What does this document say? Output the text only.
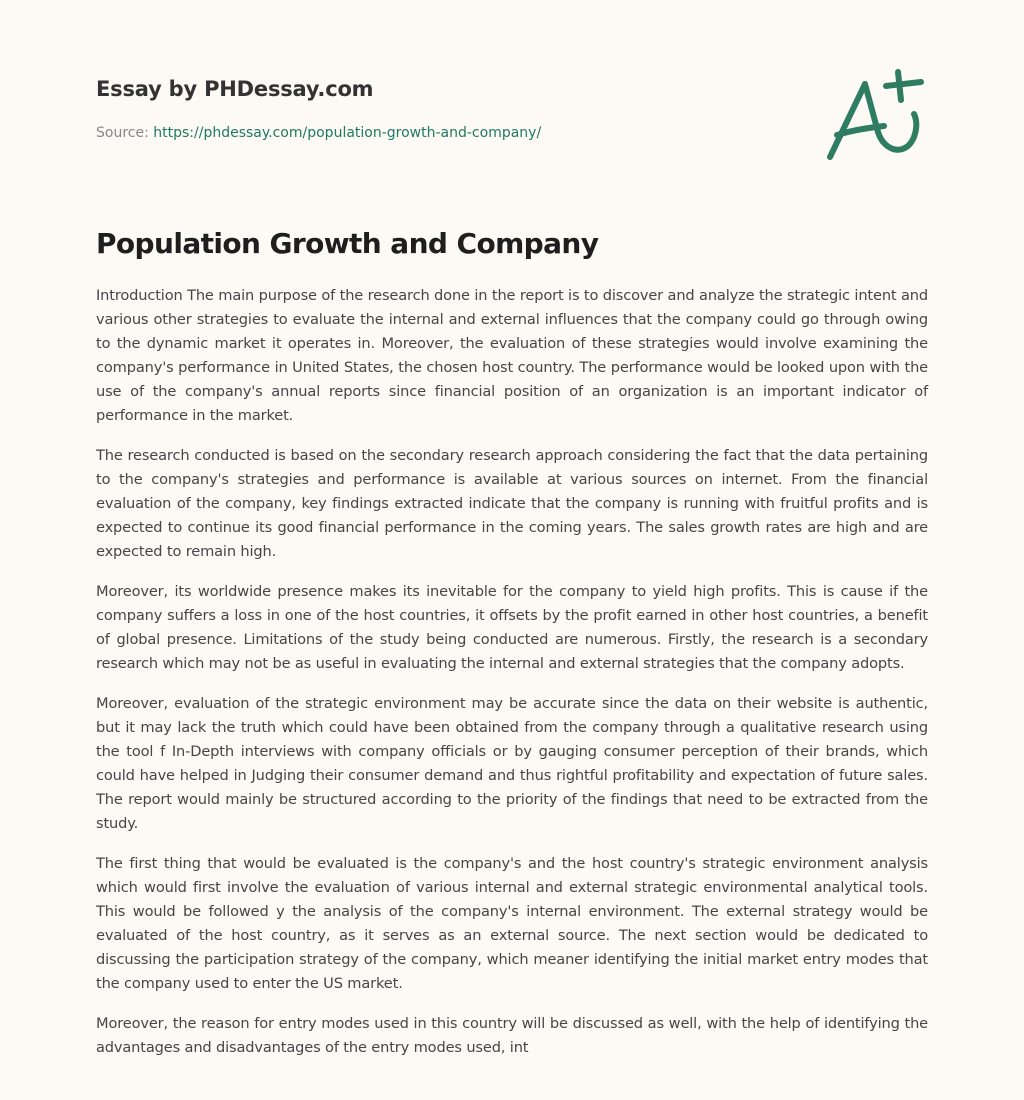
Essay by PHDessay.com
Source: https://phdessay.com/population-growth-and-company/
Population Growth and Company

Introduction The main purpose of the research done in the report is to discover and analyze the strategic intent and various other strategies to evaluate the internal and external influences that the company could go through owing to the dynamic market it operates in. Moreover, the evaluation of these strategies would involve examining the company's performance in United States, the chosen host country. The performance would be looked upon with the use of the company's annual reports since financial position of an organization is an important indicator of performance in the market.

The research conducted is based on the secondary research approach considering the fact that the data pertaining to the company's strategies and performance is available at various sources on internet. From the financial evaluation of the company, key findings extracted indicate that the company is running with fruitful profits and is expected to continue its good financial performance in the coming years. The sales growth rates are high and are expected to remain high.

Moreover, its worldwide presence makes its inevitable for the company to yield high profits. This is cause if the company suffers a loss in one of the host countries, it offsets by the profit earned in other host countries, a benefit of global presence. Limitations of the study being conducted are numerous. Firstly, the research is a secondary research which may not be as useful in evaluating the internal and external strategies that the company adopts.

Moreover, evaluation of the strategic environment may be accurate since the data on their website is authentic, but it may lack the truth which could have been obtained from the company through a qualitative research using the tool f In-Depth interviews with company officials or by gauging consumer perception of their brands, which could have helped in Judging their consumer demand and thus rightful profitability and expectation of future sales. The report would mainly be structured according to the priority of the findings that need to be extracted from the study.

The first thing that would be evaluated is the company's and the host country's strategic environment analysis which would first involve the evaluation of various internal and external strategic environmental analytical tools. This would be followed y the analysis of the company's internal environment. The external strategy would be evaluated of the host country, as it serves as an external source. The next section would be dedicated to discussing the participation strategy of the company, which meaner identifying the initial market entry modes that the company used to enter the US market.

Moreover, the reason for entry modes used in this country will be discussed as well, with the help of identifying the advantages and disadvantages of the entry modes used, int
